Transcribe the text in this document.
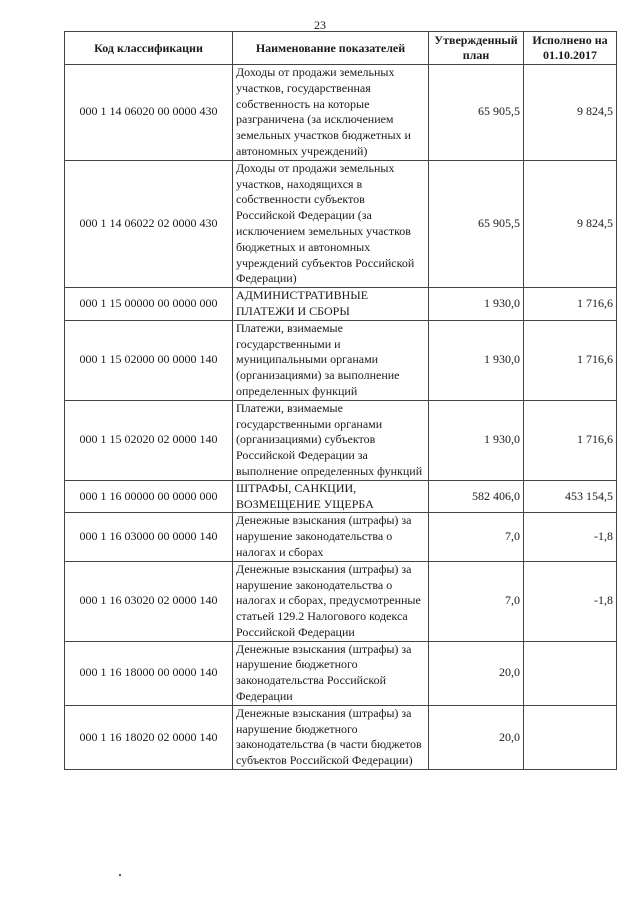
23
Код классификации	Наименование показателей	Утвержденный план	Исполнено на 01.10.2017
000 1 14 06020 00 0000 430	Доходы от продажи земельных участков, государственная собственность на которые разграничена (за исключением земельных участков бюджетных и автономных учреждений)	65 905,5	9 824,5
000 1 14 06022 02 0000 430	Доходы от продажи земельных участков, находящихся в собственности субъектов Российской Федерации (за исключением земельных участков бюджетных и автономных учреждений субъектов Российской Федерации)	65 905,5	9 824,5
000 1 15 00000 00 0000 000	АДМИНИСТРАТИВНЫЕ ПЛАТЕЖИ И СБОРЫ	1 930,0	1 716,6
000 1 15 02000 00 0000 140	Платежи, взимаемые государственными и муниципальными органами (организациями) за выполнение определенных функций	1 930,0	1 716,6
000 1 15 02020 02 0000 140	Платежи, взимаемые государственными органами (организациями) субъектов Российской Федерации за выполнение определенных функций	1 930,0	1 716,6
000 1 16 00000 00 0000 000	ШТРАФЫ, САНКЦИИ, ВОЗМЕЩЕНИЕ УЩЕРБА	582 406,0	453 154,5
000 1 16 03000 00 0000 140	Денежные взыскания (штрафы) за нарушение законодательства о налогах и сборах	7,0	-1,8
000 1 16 03020 02 0000 140	Денежные взыскания (штрафы) за нарушение законодательства о налогах и сборах, предусмотренные статьей 129.2 Налогового кодекса Российской Федерации	7,0	-1,8
000 1 16 18000 00 0000 140	Денежные взыскания (штрафы) за нарушение бюджетного законодательства Российской Федерации	20,0	
000 1 16 18020 02 0000 140	Денежные взыскания (штрафы) за нарушение бюджетного законодательства (в части бюджетов субъектов Российской Федерации)	20,0	
